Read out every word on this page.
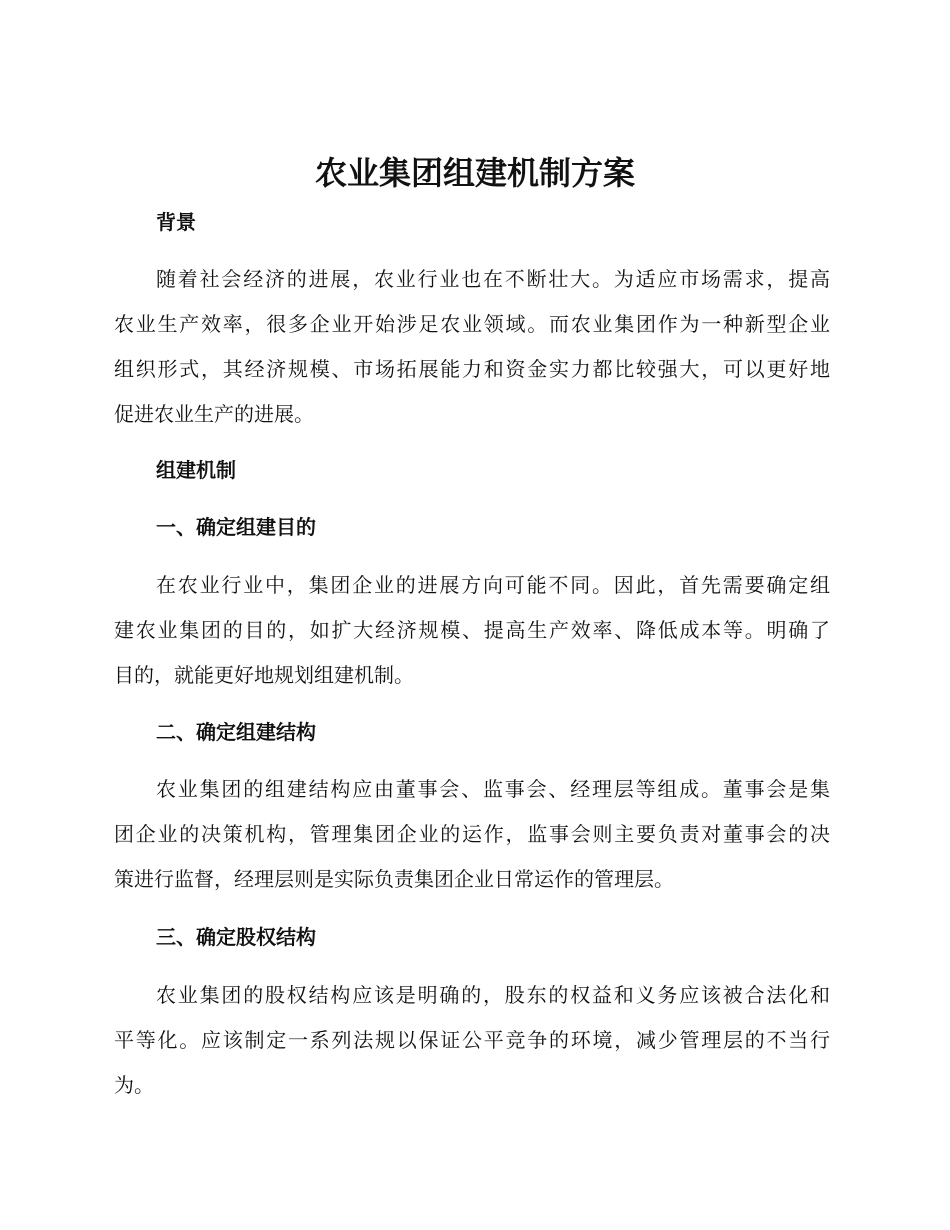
农业集团组建机制方案
背景
随着社会经济的进展，农业行业也在不断壮大。为适应市场需求，提高
农业生产效率，很多企业开始涉足农业领域。而农业集团作为一种新型企业
组织形式，其经济规模、市场拓展能力和资金实力都比较强大，可以更好地
促进农业生产的进展。
组建机制
一、确定组建目的
在农业行业中，集团企业的进展方向可能不同。因此，首先需要确定组
建农业集团的目的，如扩大经济规模、提高生产效率、降低成本等。明确了
目的，就能更好地规划组建机制。
二、确定组建结构
农业集团的组建结构应由董事会、监事会、经理层等组成。董事会是集
团企业的决策机构，管理集团企业的运作，监事会则主要负责对董事会的决
策进行监督，经理层则是实际负责集团企业日常运作的管理层。
三、确定股权结构
农业集团的股权结构应该是明确的，股东的权益和义务应该被合法化和
平等化。应该制定一系列法规以保证公平竞争的环境，减少管理层的不当行
为。
